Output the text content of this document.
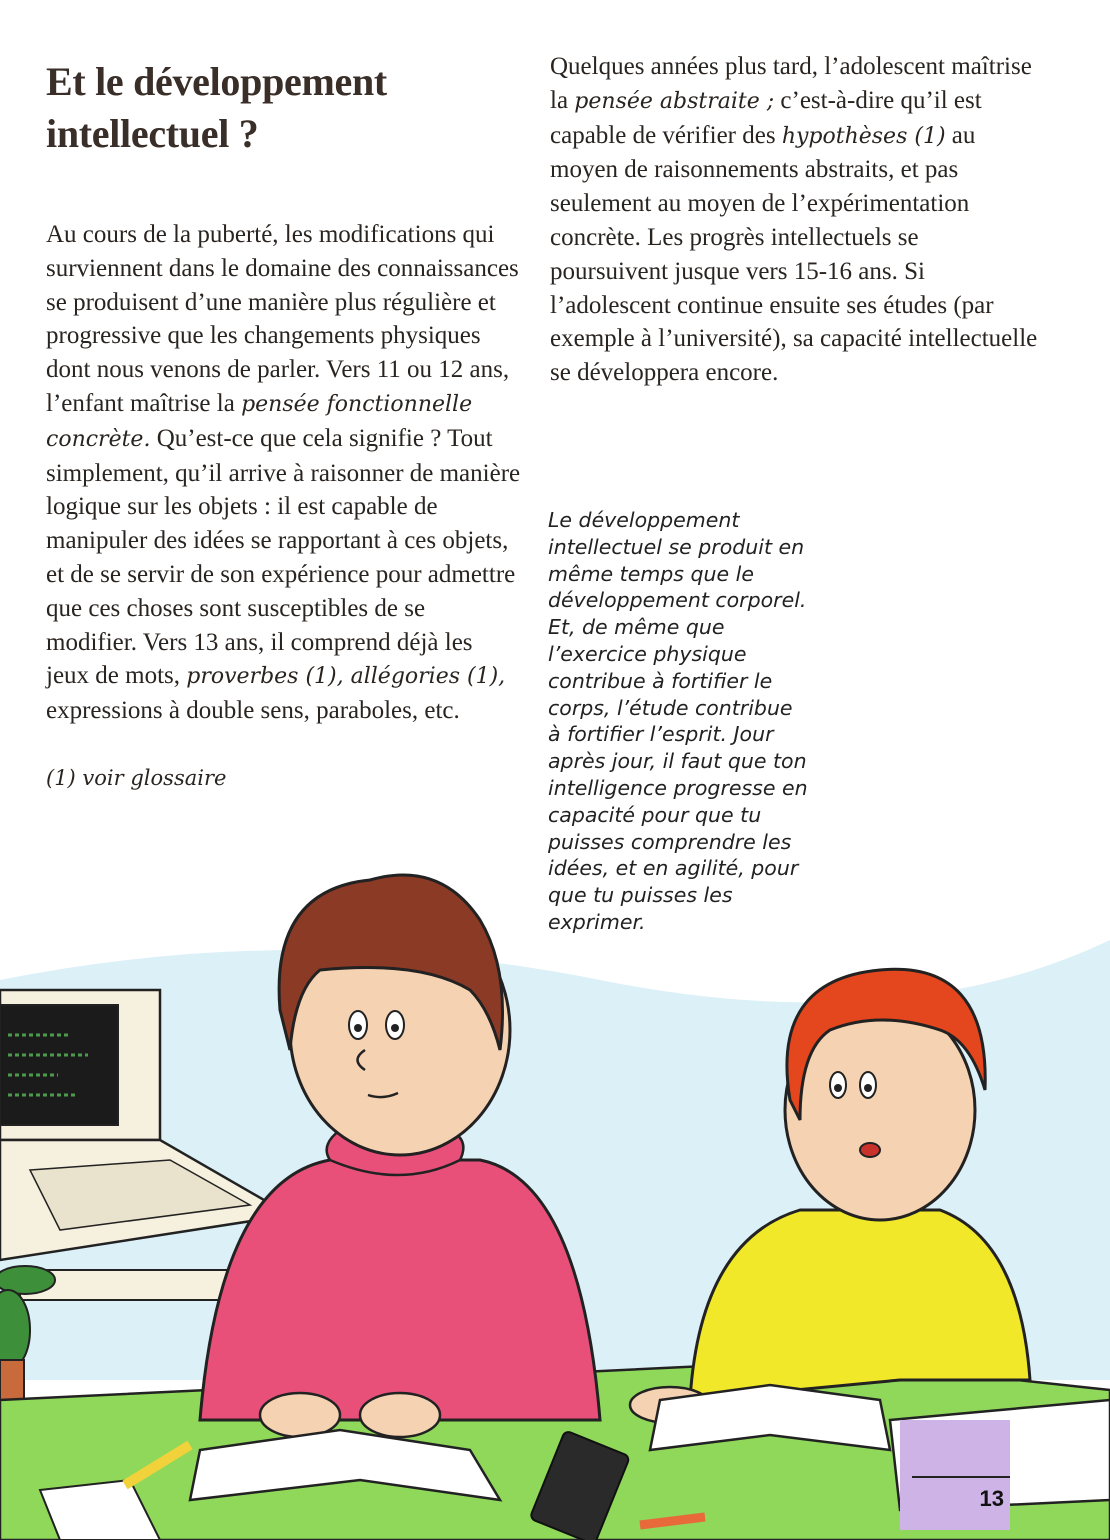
Et le développement intellectuel ?

Au cours de la puberté, les modifications qui surviennent dans le domaine des connaissances se produisent d’une manière plus régulière et progressive que les changements physiques dont nous venons de parler. Vers 11 ou 12 ans, l’enfant maîtrise la pensée fonctionnelle concrète. Qu’est-ce que cela signifie ? Tout simplement, qu’il arrive à raisonner de manière logique sur les objets : il est capable de manipuler des idées se rapportant à ces objets, et de se servir de son expérience pour admettre que ces choses sont susceptibles de se modifier. Vers 13 ans, il comprend déjà les jeux de mots, proverbes (1), allégories (1), expressions à double sens, paraboles, etc.

(1) voir glossaire

Quelques années plus tard, l’adolescent maîtrise la pensée abstraite ; c’est-à-dire qu’il est capable de vérifier des hypothèses (1) au moyen de raisonnements abstraits, et pas seulement au moyen de l’expérimentation concrète. Les progrès intellectuels se poursuivent jusque vers 15-16 ans. Si l’adolescent continue ensuite ses études (par exemple à l’université), sa capacité intellectuelle se développera encore.

Le développement intellectuel se produit en même temps que le développement corporel. Et, de même que l’exercice physique contribue à fortifier le corps, l’étude contribue à fortifier l’esprit. Jour après jour, il faut que ton intelligence progresse en capacité pour que tu puisses comprendre les idées, et en agilité, pour que tu puisses les exprimer.
13
